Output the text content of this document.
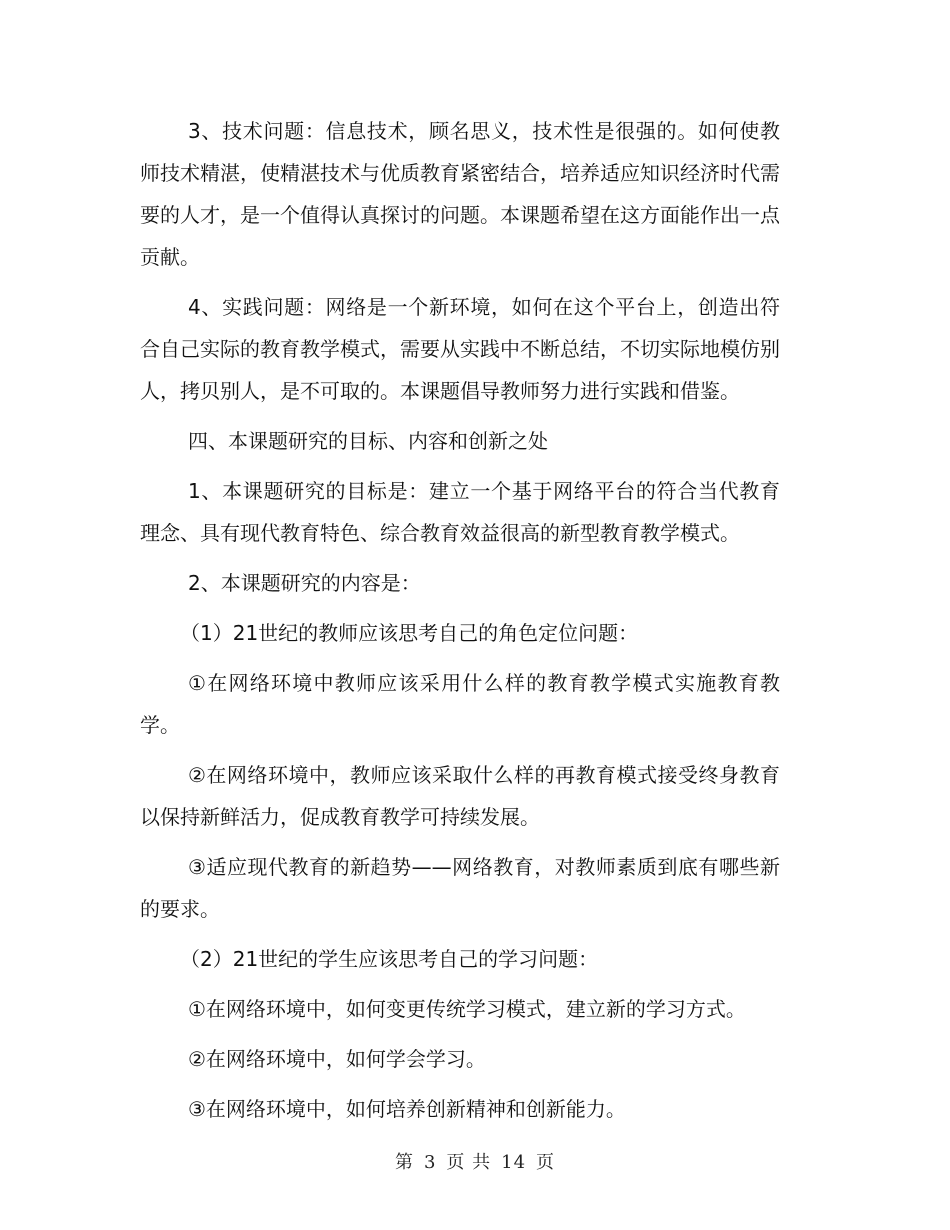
3、技术问题：信息技术，顾名思义，技术性是很强的。如何使教师技术精湛，使精湛技术与优质教育紧密结合，培养适应知识经济时代需要的人才，是一个值得认真探讨的问题。本课题希望在这方面能作出一点贡献。

4、实践问题：网络是一个新环境，如何在这个平台上，创造出符合自己实际的教育教学模式，需要从实践中不断总结，不切实际地模仿别人，拷贝别人，是不可取的。本课题倡导教师努力进行实践和借鉴。

四、本课题研究的目标、内容和创新之处

1、本课题研究的目标是：建立一个基于网络平台的符合当代教育理念、具有现代教育特色、综合教育效益很高的新型教育教学模式。

2、本课题研究的内容是：

（1）21世纪的教师应该思考自己的角色定位问题：

①在网络环境中教师应该采用什么样的教育教学模式实施教育教学。

②在网络环境中，教师应该采取什么样的再教育模式接受终身教育以保持新鲜活力，促成教育教学可持续发展。

③适应现代教育的新趋势——网络教育，对教师素质到底有哪些新的要求。

（2）21世纪的学生应该思考自己的学习问题：

①在网络环境中，如何变更传统学习模式，建立新的学习方式。

②在网络环境中，如何学会学习。

③在网络环境中，如何培养创新精神和创新能力。

第 3 页 共 14 页
